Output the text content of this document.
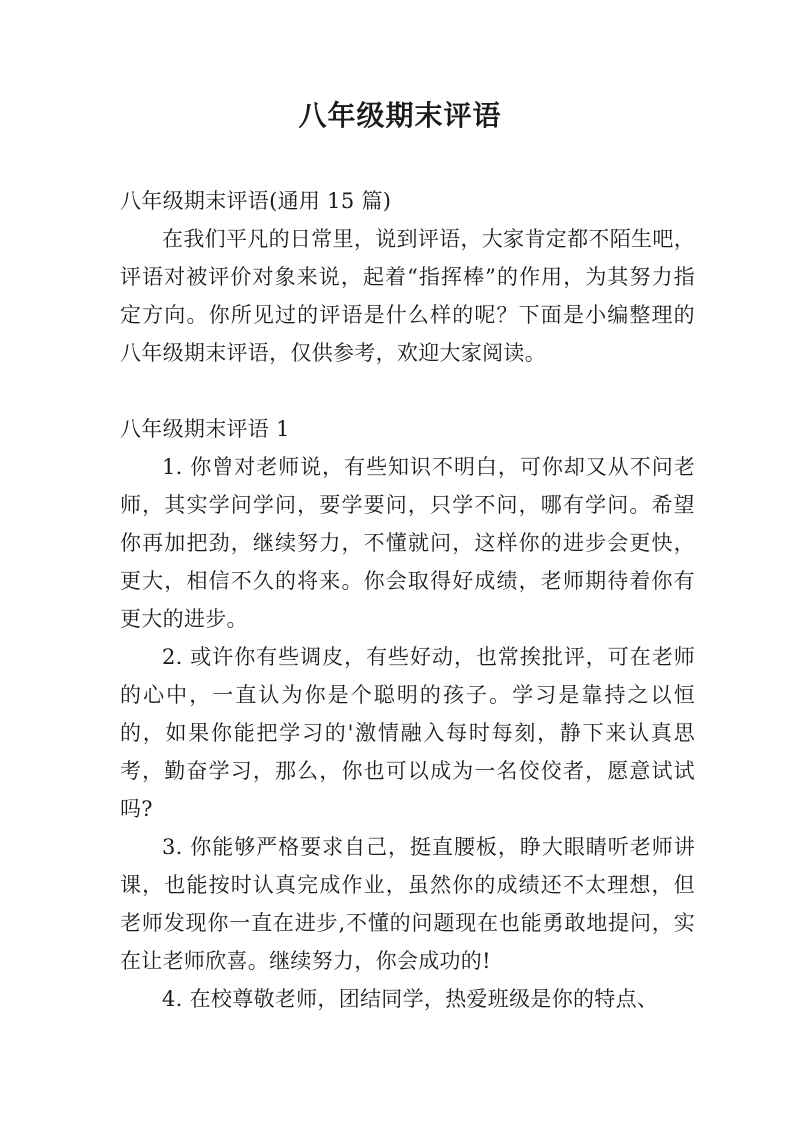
八年级期末评语

八年级期末评语(通用 15 篇)

在我们平凡的日常里，说到评语，大家肯定都不陌生吧，评语对被评价对象来说，起着“指挥棒”的作用，为其努力指定方向。你所见过的评语是什么样的呢？下面是小编整理的八年级期末评语，仅供参考，欢迎大家阅读。

八年级期末评语 1

1. 你曾对老师说，有些知识不明白，可你却又从不问老师，其实学问学问，要学要问，只学不问，哪有学问。希望你再加把劲，继续努力，不懂就问，这样你的进步会更快，更大，相信不久的将来。你会取得好成绩，老师期待着你有更大的进步。

2. 或许你有些调皮，有些好动，也常挨批评，可在老师的心中，一直认为你是个聪明的孩子。学习是靠持之以恒的，如果你能把学习的'激情融入每时每刻，静下来认真思考，勤奋学习，那么，你也可以成为一名佼佼者，愿意试试吗?

3. 你能够严格要求自己，挺直腰板，睁大眼睛听老师讲课，也能按时认真完成作业，虽然你的成绩还不太理想，但老师发现你一直在进步,不懂的问题现在也能勇敢地提问，实在让老师欣喜。继续努力，你会成功的!

4. 在校尊敬老师，团结同学，热爱班级是你的特点、
